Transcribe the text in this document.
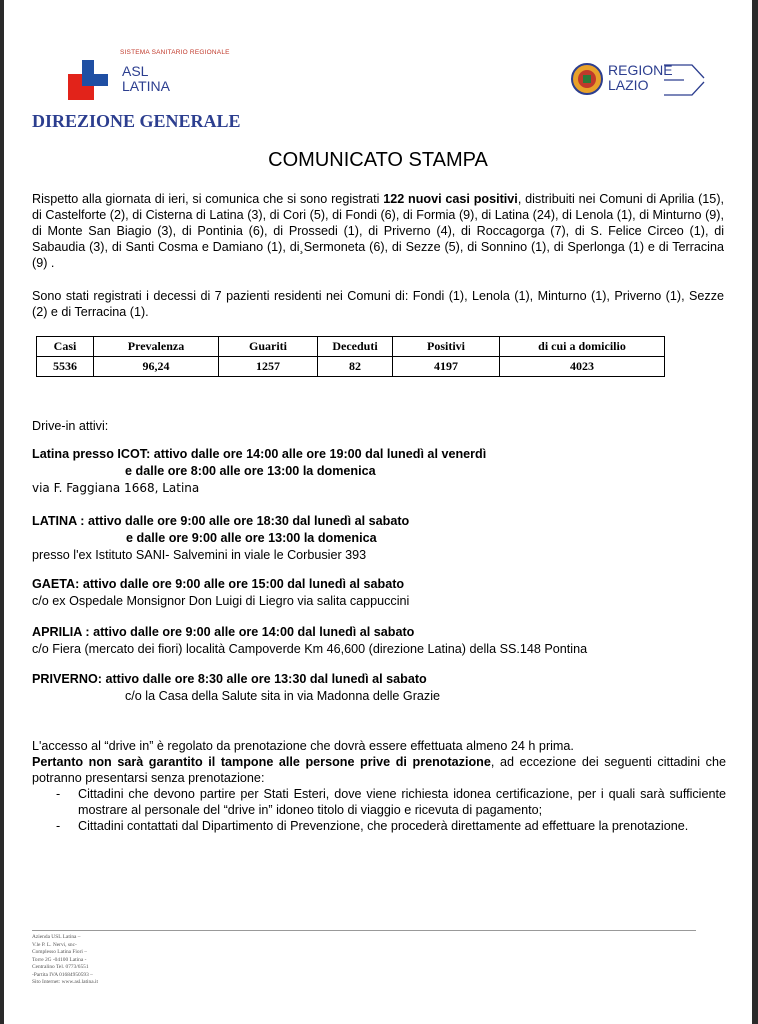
SISTEMA SANITARIO REGIONALE
ASL
LATINA
REGIONE
LAZIO
DIREZIONE GENERALE
COMUNICATO STAMPA
Rispetto alla giornata di ieri, si comunica che si sono registrati 122 nuovi casi positivi, distribuiti nei Comuni di Aprilia (15), di Castelforte (2), di Cisterna di Latina (3), di Cori (5), di Fondi (6), di Formia (9), di Latina (24), di Lenola (1), di Minturno (9), di Monte San Biagio (3), di Pontinia (6), di Prossedi (1), di Priverno (4), di Roccagorga (7), di S. Felice Circeo (1), di Sabaudia (3), di Santi Cosma e Damiano (1), di¸Sermoneta (6), di Sezze (5), di Sonnino (1), di Sperlonga (1) e di Terracina (9) .
Sono stati registrati i decessi di 7 pazienti residenti nei Comuni di: Fondi (1), Lenola (1), Minturno (1), Priverno (1), Sezze (2) e di Terracina (1).
Casi	Prevalenza	Guariti	Deceduti	Positivi	di cui a domicilio
5536	96,24	1257	82	4197	4023
Drive-in attivi:
Latina presso ICOT: attivo dalle ore 14:00 alle ore 19:00 dal lunedì al venerdì
e dalle ore 8:00 alle ore 13:00 la domenica
via F. Faggiana 1668, Latina
LATINA : attivo dalle ore 9:00 alle ore 18:30 dal lunedì al sabato
e dalle ore 9:00 alle ore 13:00 la domenica
presso l'ex Istituto SANI- Salvemini in viale le Corbusier 393
GAETA: attivo dalle ore 9:00 alle ore 15:00 dal lunedì al sabato
c/o ex Ospedale Monsignor Don Luigi di Liegro via salita cappuccini
APRILIA : attivo dalle ore 9:00 alle ore 14:00 dal lunedì al sabato
c/o Fiera (mercato dei fiori) località Campoverde Km 46,600 (direzione Latina) della SS.148 Pontina
PRIVERNO: attivo dalle ore 8:30 alle ore 13:30 dal lunedì al sabato
c/o la Casa della Salute sita in via Madonna delle Grazie
L'accesso al “drive in” è regolato da prenotazione che dovrà essere effettuata almeno 24 h prima.
Pertanto non sarà garantito il tampone alle persone prive di prenotazione, ad eccezione dei seguenti cittadini che potranno presentarsi senza prenotazione:
- Cittadini che devono partire per Stati Esteri, dove viene richiesta idonea certificazione, per i quali sarà sufficiente mostrare al personale del “drive in” idoneo titolo di viaggio e ricevuta di pagamento;
- Cittadini contattati dal Dipartimento di Prevenzione, che procederà direttamente ad effettuare la prenotazione.
Azienda USL Latina –
V.le P. L. Nervi, snc-
Complesso Latina Fiori –
Torre 2G -04100 Latina -
Centralino Tel. 0773/6551
-Partita IVA 01684950593 –
Sito Internet: www.asl.latina.it
